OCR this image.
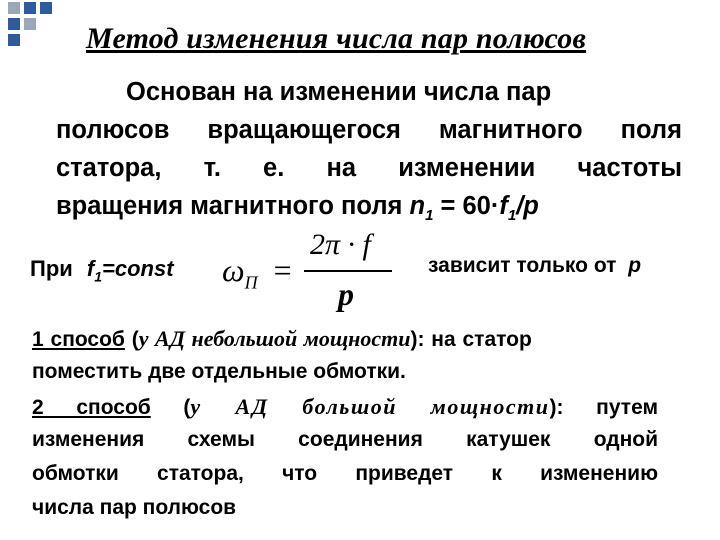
Метод изменения числа пар полюсов
Основан на изменении числа пар
полюсов вращающегося магнитного поля
статора, т. е. на изменении частоты
вращения магнитного поля $n_1 = 60\cdot f_1/p$
При $f_1=const$ $\omega_П$ =
2π · f
p
зависит только от p
1 способ (у АД небольшой мощности): на статор
поместить две отдельные обмотки.
2 способ (у АД большой мощности): путем
изменения схемы соединения катушек одной
обмотки статора, что приведет к изменению
числа пар полюсов
